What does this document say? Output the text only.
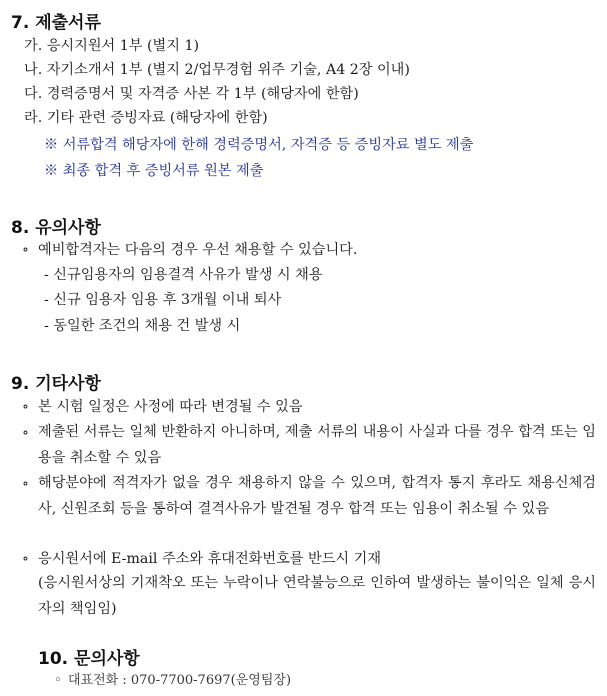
7. 제출서류
가. 응시지원서 1부 (별지 1)
나. 자기소개서 1부 (별지 2/업무경험 위주 기술, A4 2장 이내)
다. 경력증명서 및 자격증 사본 각 1부 (해당자에 한함)
라. 기타 관련 증빙자료 (해당자에 한함)
※ 서류합격 해당자에 한해 경력증명서, 자격증 등 증빙자료 별도 제출
※ 최종 합격 후 증빙서류 원본 제출
8. 유의사항
∘ 예비합격자는 다음의 경우 우선 채용할 수 있습니다.
- 신규임용자의 임용결격 사유가 발생 시 채용
- 신규 임용자 임용 후 3개월 이내 퇴사
- 동일한 조건의 채용 건 발생 시
9. 기타사항
∘ 본 시험 일정은 사정에 따라 변경될 수 있음
∘ 제출된 서류는 일체 반환하지 아니하며, 제출 서류의 내용이 사실과 다를 경우 합격 또는 임용을 취소할 수 있음
∘ 해당분야에 적격자가 없을 경우 채용하지 않을 수 있으며, 합격자 통지 후라도 채용신체검사, 신원조회 등을 통하여 결격사유가 발견될 경우 합격 또는 임용이 취소될 수 있음
∘ 응시원서에 E-mail 주소와 휴대전화번호를 반드시 기재
(응시원서상의 기재착오 또는 누락이나 연락불능으로 인하여 발생하는 불이익은 일체 응시자의 책임임)
10. 문의사항
◦ 대표전화 : 070-7700-7697(운영팀장)
